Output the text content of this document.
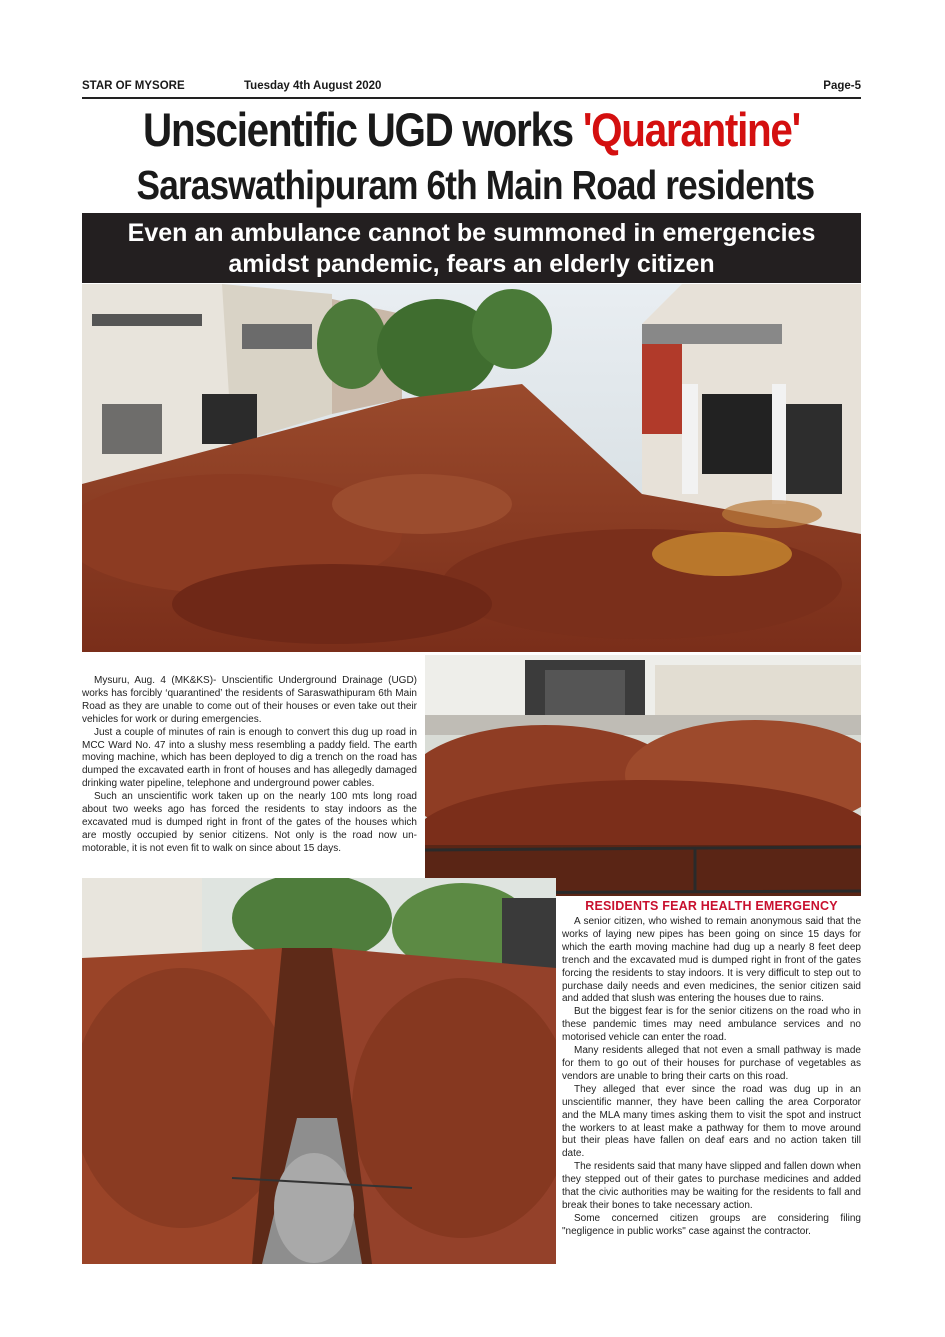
STAR OF MYSORE	Tuesday 4th August 2020	Page-5
Unscientific UGD works 'Quarantine'
Saraswathipuram 6th Main Road residents
Even an ambulance cannot be summoned in emergencies
amidst pandemic, fears an elderly citizen

Mysuru, Aug. 4 (MK&KS)- Unscientific Underground Drainage (UGD) works has forcibly ‘quarantined’ the residents of Saraswathipuram 6th Main Road as they are unable to come out of their houses or even take out their vehicles for work or during emergencies.

Just a couple of minutes of rain is enough to convert this dug up road in MCC Ward No. 47 into a slushy mess resembling a paddy field. The earth moving machine, which has been deployed to dig a trench on the road has dumped the excavated earth in front of houses and has allegedly damaged drinking water pipeline, telephone and underground power cables.

Such an unscientific work taken up on the nearly 100 mts long road about two weeks ago has forced the residents to stay indoors as the excavated mud is dumped right in front of the gates of the houses which are mostly occupied by senior citizens. Not only is the road now un-motorable, it is not even fit to walk on since about 15 days.

RESIDENTS FEAR HEALTH EMERGENCY

A senior citizen, who wished to remain anonymous said that the works of laying new pipes has been going on since 15 days for which the earth moving machine had dug up a nearly 8 feet deep trench and the excavated mud is dumped right in front of the gates forcing the residents to stay indoors. It is very difficult to step out to purchase daily needs and even medicines, the senior citizen said and added that slush was entering the houses due to rains.

But the biggest fear is for the senior citizens on the road who in these pandemic times may need ambulance services and no motorised vehicle can enter the road.

Many residents alleged that not even a small pathway is made for them to go out of their houses for purchase of vegetables as vendors are unable to bring their carts on this road.

They alleged that ever since the road was dug up in an unscientific manner, they have been calling the area Corporator and the MLA many times asking them to visit the spot and instruct the workers to at least make a pathway for them to move around but their pleas have fallen on deaf ears and no action taken till date.

The residents said that many have slipped and fallen down when they stepped out of their gates to purchase medicines and added that the civic authorities may be waiting for the residents to fall and break their bones to take necessary action.

Some concerned citizen groups are considering filing "negligence in public works" case against the contractor.
